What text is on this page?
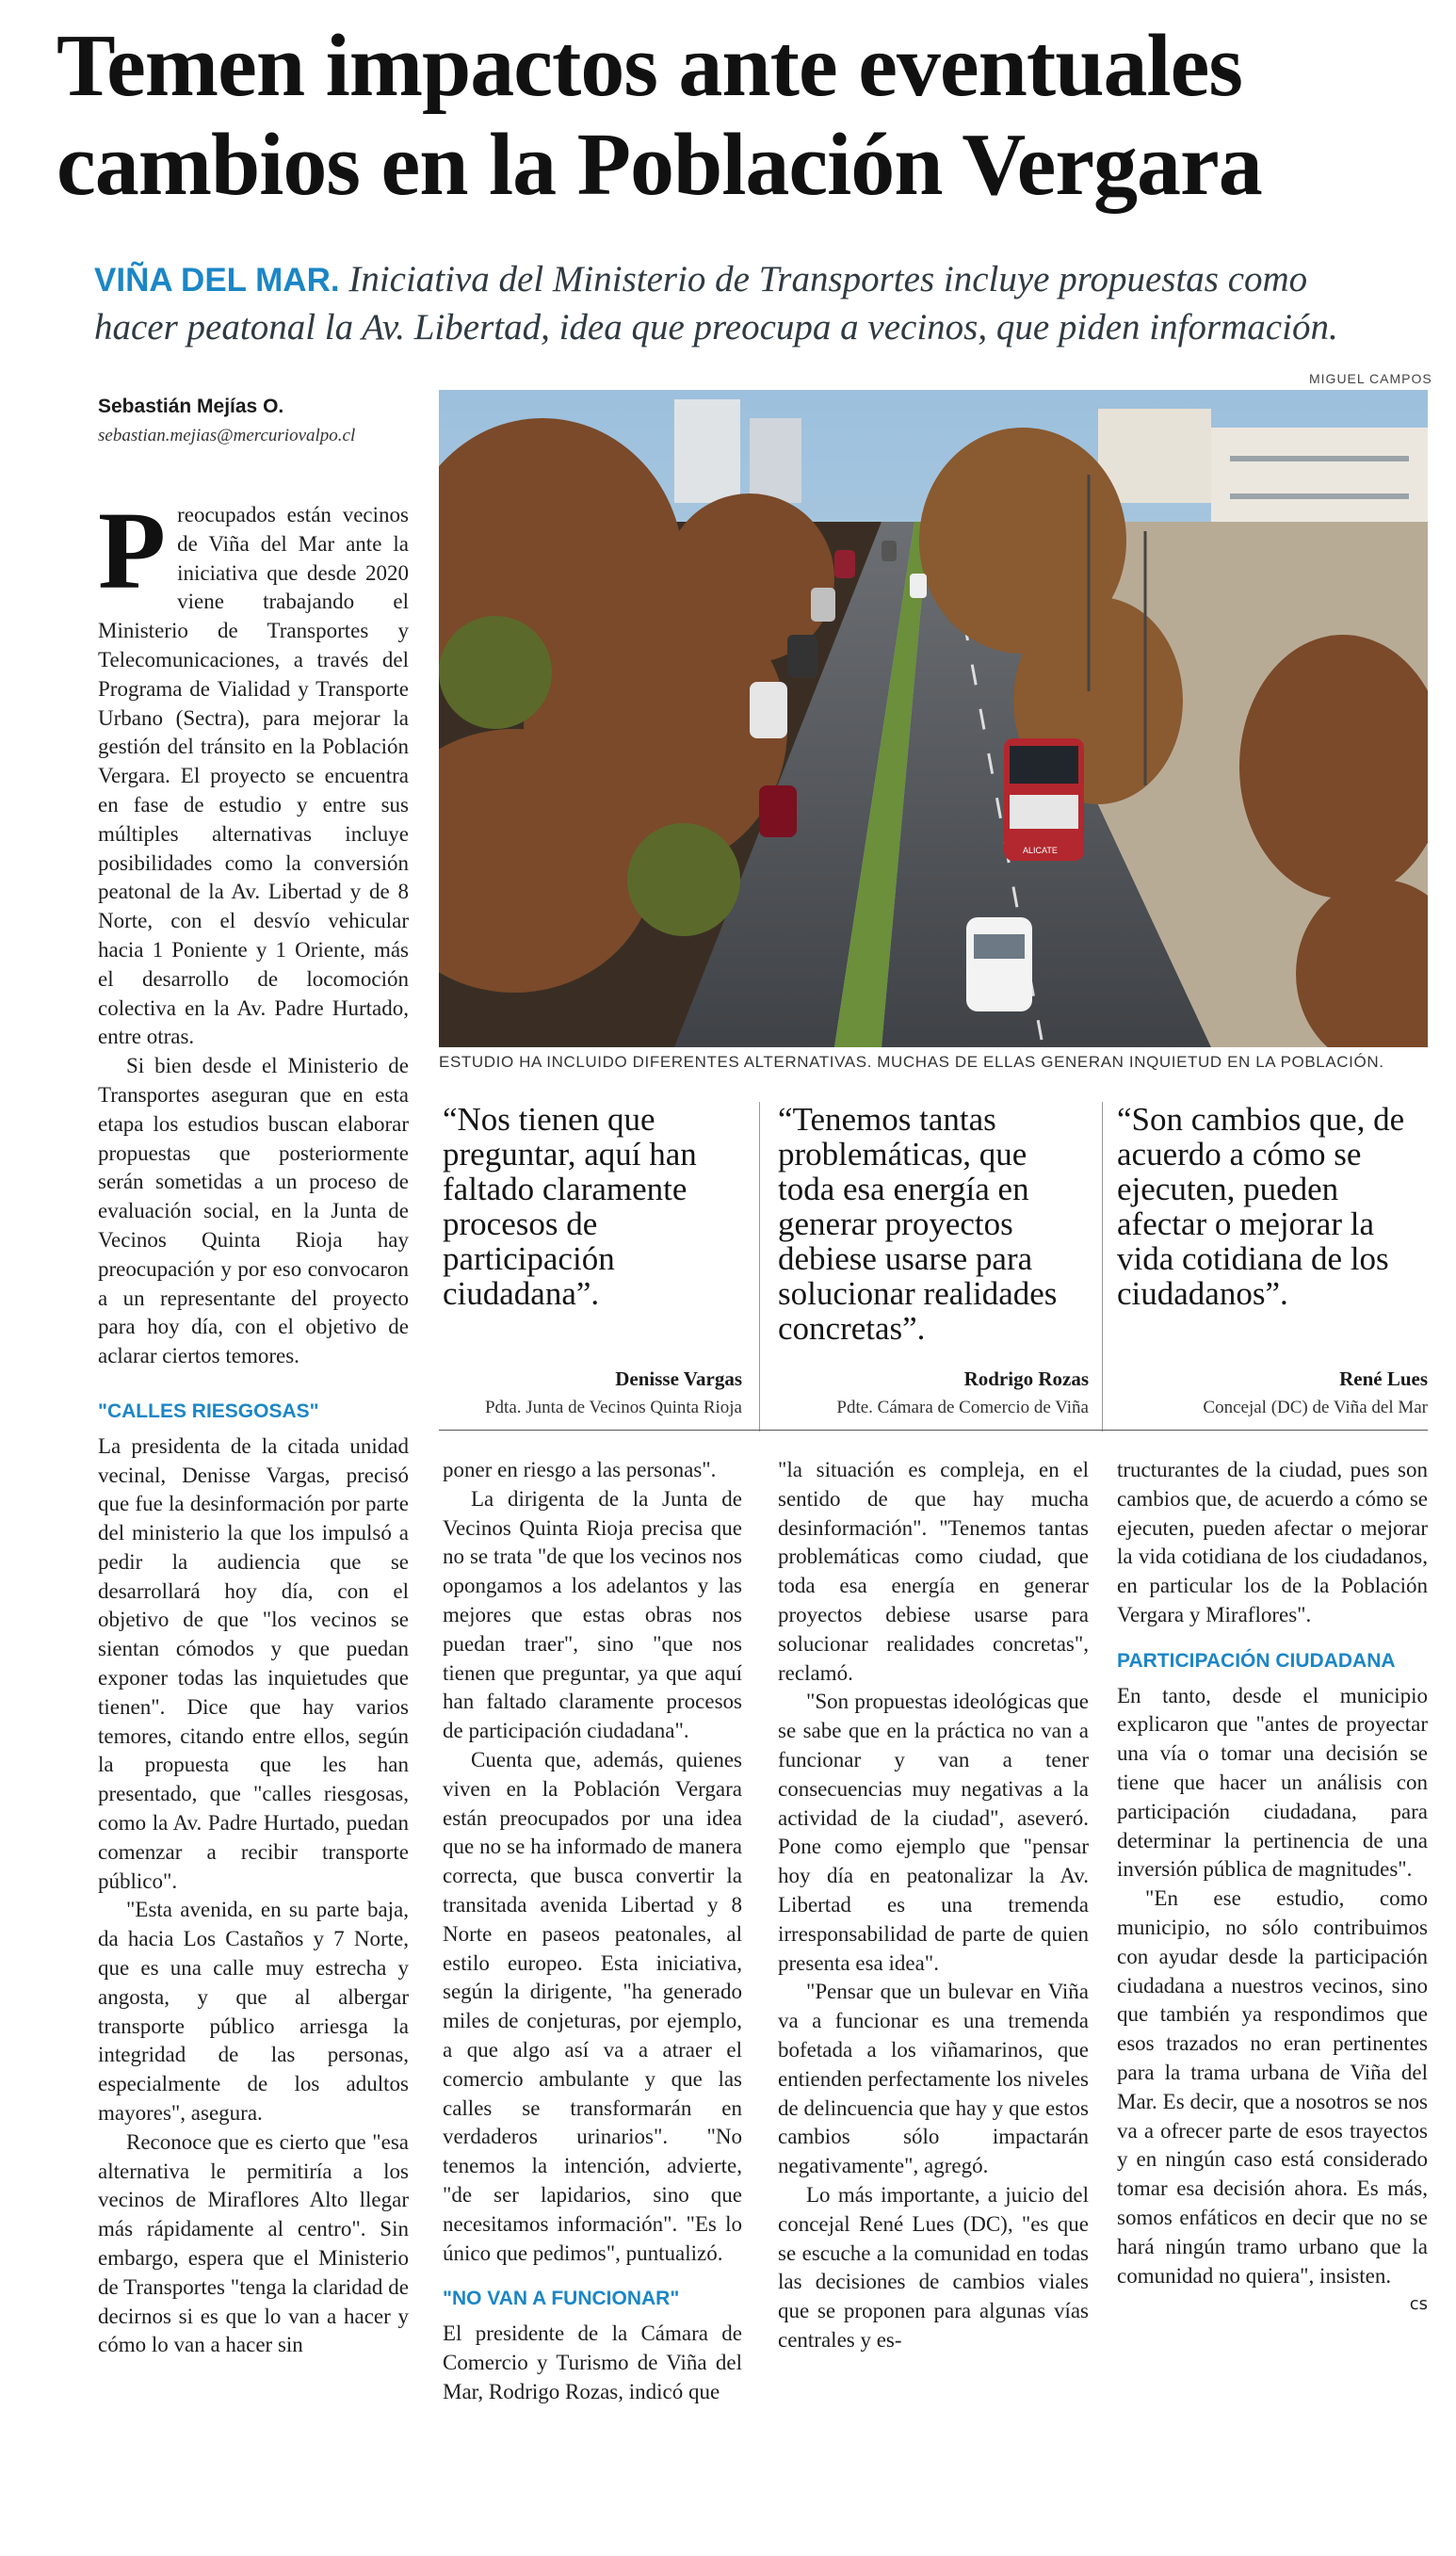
Temen impactos ante eventuales
cambios en la Población Vergara
VIÑA DEL MAR. Iniciativa del Ministerio de Transportes incluye propuestas como
hacer peatonal la Av. Libertad, idea que preocupa a vecinos, que piden información.
Sebastián Mejías O.
sebastian.mejias@mercuriovalpo.cl
MIGUEL CAMPOS
ALICATE
ESTUDIO HA INCLUIDO DIFERENTES ALTERNATIVAS. MUCHAS DE ELLAS GENERAN INQUIETUD EN LA POBLACIÓN.
“Nos tienen que preguntar, aquí han faltado claramente procesos de participación ciudadana”.
Denisse Vargas
Pdta. Junta de Vecinos Quinta Rioja
“Tenemos tantas problemáticas, que toda esa energía en generar proyectos debiese usarse para solucionar realidades concretas”.
Rodrigo Rozas
Pdte. Cámara de Comercio de Viña
“Son cambios que, de acuerdo a cómo se ejecuten, pueden afectar o mejorar la vida cotidiana de los ciudadanos”.
René Lues
Concejal (DC) de Viña del Mar

Preocupados están vecinos de Viña del Mar ante la iniciativa que desde 2020 viene trabajando el Ministerio de Transportes y Telecomunicaciones, a través del Programa de Vialidad y Transporte Urbano (Sectra), para mejorar la gestión del tránsito en la Población Vergara. El proyecto se encuentra en fase de estudio y entre sus múltiples alternativas incluye posibilidades como la conversión peatonal de la Av. Libertad y de 8 Norte, con el desvío vehicular hacia 1 Poniente y 1 Oriente, más el desarrollo de locomoción colectiva en la Av. Padre Hurtado, entre otras.

Si bien desde el Ministerio de Transportes aseguran que en esta etapa los estudios buscan elaborar propuestas que posteriormente serán sometidas a un proceso de evaluación social, en la Junta de Vecinos Quinta Rioja hay preocupación y por eso convocaron a un representante del proyecto para hoy día, con el objetivo de aclarar ciertos temores.

"CALLES RIESGOSAS"

La presidenta de la citada unidad vecinal, Denisse Vargas, precisó que fue la desinformación por parte del ministerio la que los impulsó a pedir la audiencia que se desarrollará hoy día, con el objetivo de que "los vecinos se sientan cómodos y que puedan exponer todas las inquietudes que tienen". Dice que hay varios temores, citando entre ellos, según la propuesta que les han presentado, que "calles riesgosas, como la Av. Padre Hurtado, puedan comenzar a recibir transporte público".

"Esta avenida, en su parte baja, da hacia Los Castaños y 7 Norte, que es una calle muy estrecha y angosta, y que al albergar transporte público arriesga la integridad de las personas, especialmente de los adultos mayores", asegura.

Reconoce que es cierto que "esa alternativa le permitiría a los vecinos de Miraflores Alto llegar más rápidamente al centro". Sin embargo, espera que el Ministerio de Transportes "tenga la claridad de decirnos si es que lo van a hacer y cómo lo van a hacer sin

poner en riesgo a las personas".

La dirigenta de la Junta de Vecinos Quinta Rioja precisa que no se trata "de que los vecinos nos opongamos a los adelantos y las mejores que estas obras nos puedan traer", sino "que nos tienen que preguntar, ya que aquí han faltado claramente procesos de participación ciudadana".

Cuenta que, además, quienes viven en la Población Vergara están preocupados por una idea que no se ha informado de manera correcta, que busca convertir la transitada avenida Libertad y 8 Norte en paseos peatonales, al estilo europeo. Esta iniciativa, según la dirigente, "ha generado miles de conjeturas, por ejemplo, a que algo así va a atraer el comercio ambulante y que las calles se transformarán en verdaderos urinarios". "No tenemos la intención, advierte, "de ser lapidarios, sino que necesitamos información". "Es lo único que pedimos", puntualizó.

"NO VAN A FUNCIONAR"

El presidente de la Cámara de Comercio y Turismo de Viña del Mar, Rodrigo Rozas, indicó que

"la situación es compleja, en el sentido de que hay mucha desinformación". "Tenemos tantas problemáticas como ciudad, que toda esa energía en generar proyectos debiese usarse para solucionar realidades concretas", reclamó.

"Son propuestas ideológicas que se sabe que en la práctica no van a funcionar y van a tener consecuencias muy negativas a la actividad de la ciudad", aseveró. Pone como ejemplo que "pensar hoy día en peatonalizar la Av. Libertad es una tremenda irresponsabilidad de parte de quien presenta esa idea".

"Pensar que un bulevar en Viña va a funcionar es una tremenda bofetada a los viñamarinos, que entienden perfectamente los niveles de delincuencia que hay y que estos cambios sólo impactarán negativamente", agregó.

Lo más importante, a juicio del concejal René Lues (DC), "es que se escuche a la comunidad en todas las decisiones de cambios viales que se proponen para algunas vías centrales y es-

tructurantes de la ciudad, pues son cambios que, de acuerdo a cómo se ejecuten, pueden afectar o mejorar la vida cotidiana de los ciudadanos, en particular los de la Población Vergara y Miraflores".

PARTICIPACIÓN CIUDADANA

En tanto, desde el municipio explicaron que "antes de proyectar una vía o tomar una decisión se tiene que hacer un análisis con participación ciudadana, para determinar la pertinencia de una inversión pública de magnitudes".

"En ese estudio, como municipio, no sólo contribuimos con ayudar desde la participación ciudadana a nuestros vecinos, sino que también ya respondimos que esos trazados no eran pertinentes para la trama urbana de Viña del Mar. Es decir, que a nosotros se nos va a ofrecer parte de esos trayectos y en ningún caso está considerado tomar esa decisión ahora. Es más, somos enfáticos en decir que no se hará ningún tramo urbano que la comunidad no quiera", insisten.

cs
